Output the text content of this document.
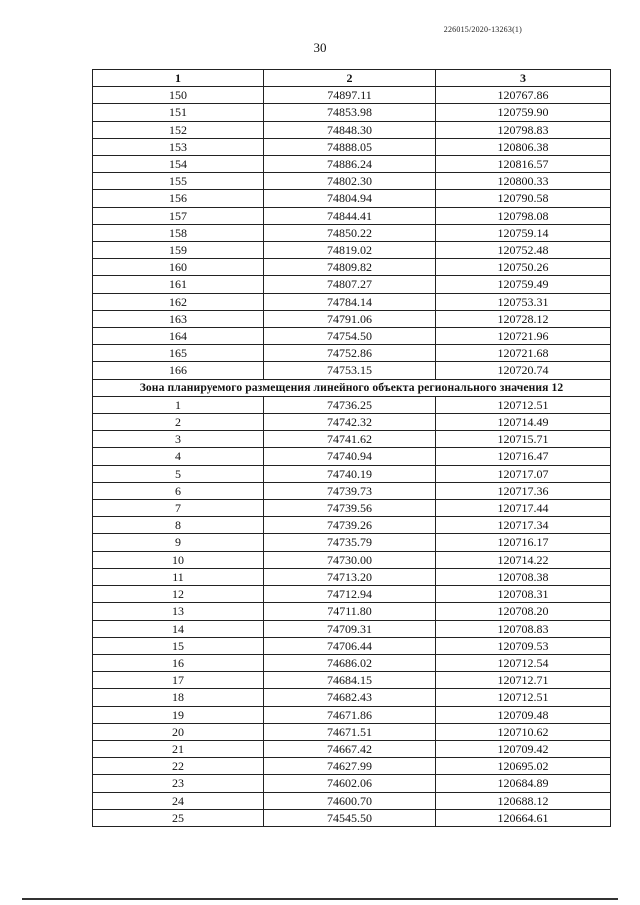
226015/2020-13263(1)
30
1	2	3
150	74897.11	120767.86
151	74853.98	120759.90
152	74848.30	120798.83
153	74888.05	120806.38
154	74886.24	120816.57
155	74802.30	120800.33
156	74804.94	120790.58
157	74844.41	120798.08
158	74850.22	120759.14
159	74819.02	120752.48
160	74809.82	120750.26
161	74807.27	120759.49
162	74784.14	120753.31
163	74791.06	120728.12
164	74754.50	120721.96
165	74752.86	120721.68
166	74753.15	120720.74
Зона планируемого размещения линейного объекта регионального значения 12		
1	74736.25	120712.51
2	74742.32	120714.49
3	74741.62	120715.71
4	74740.94	120716.47
5	74740.19	120717.07
6	74739.73	120717.36
7	74739.56	120717.44
8	74739.26	120717.34
9	74735.79	120716.17
10	74730.00	120714.22
11	74713.20	120708.38
12	74712.94	120708.31
13	74711.80	120708.20
14	74709.31	120708.83
15	74706.44	120709.53
16	74686.02	120712.54
17	74684.15	120712.71
18	74682.43	120712.51
19	74671.86	120709.48
20	74671.51	120710.62
21	74667.42	120709.42
22	74627.99	120695.02
23	74602.06	120684.89
24	74600.70	120688.12
25	74545.50	120664.61
